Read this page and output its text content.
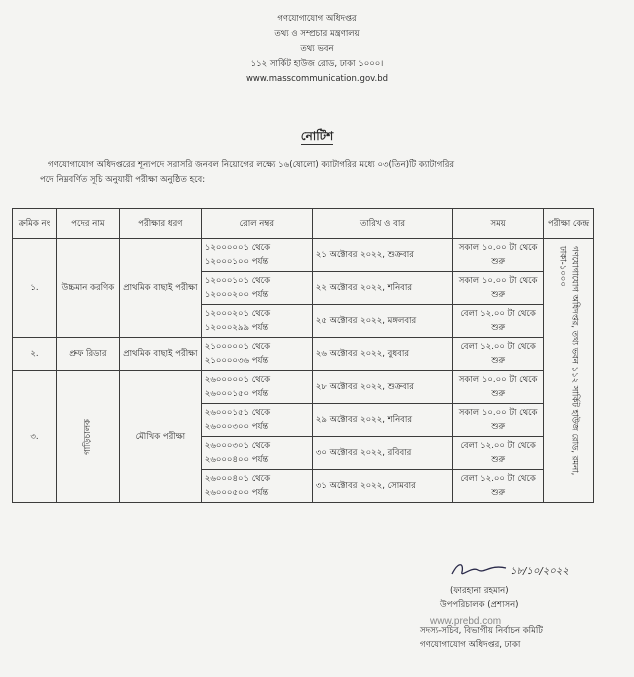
গণযোগাযোগ অধিদপ্তর
তথ্য ও সম্প্রচার মন্ত্রণালয়
তথ্য ভবন
১১২ সার্কিট হাউজ রোড, ঢাকা ১০০০।
www.masscommunication.gov.bd
নোটিশ

গণযোগাযোগ অধিদপ্তরের শূন্যপদে সরাসরি জনবল নিয়োগের লক্ষ্যে ১৬(ষোলো) ক্যাটাগরির মধ্যে ০৩(তিন)টি ক্যাটাগরির

পদে নিম্নবর্ণিত সূচি অনুযায়ী পরীক্ষা অনুষ্ঠিত হবে:

ক্রমিক নং	পদের নাম	পরীক্ষার ধরণ	রোল নম্বর	তারিখ ও বার	সময়	পরীক্ষা কেন্দ্র
১.	উচ্চমান করণিক	প্রাথমিক বাছাই পরীক্ষা	১২০০০০০১ থেকে ১২০০০১০০ পর্যন্ত	২১ অক্টোবর ২০২২, শুক্রবার	সকাল ১০.০০ টা থেকে শুরু	গণযোগাযোগ অধিদপ্তর, তথ্য ভবন ১১২ সার্কিট হাউজ রোড, রমনা, ঢাকা-১০০০

			১২০০০১০১ থেকে ১২০০০২০০ পর্যন্ত	২২ অক্টোবর ২০২২, শনিবার	সকাল ১০.০০ টা থেকে শুরু	
			১২০০০২০১ থেকে ১২০০০২৯৯ পর্যন্ত	২৫ অক্টোবর ২০২২, মঙ্গলবার	বেলা ১২.০০ টা থেকে শুরু	
২.	প্রুফ রিডার	প্রাথমিক বাছাই পরীক্ষা	২১০০০০০১ থেকে ২১০০০০৩৬ পর্যন্ত	২৬ অক্টোবর ২০২২, বুধবার	বেলা ১২.০০ টা থেকে শুরু	
৩.	গাড়িচালক	মৌখিক পরীক্ষা	২৬০০০০০১ থেকে ২৬০০০১৫০ পর্যন্ত	২৮ অক্টোবর ২০২২, শুক্রবার	সকাল ১০.০০ টা থেকে শুরু	
			২৬০০০১৫১ থেকে ২৬০০০৩০০ পর্যন্ত	২৯ অক্টোবর ২০২২, শনিবার	সকাল ১০.০০ টা থেকে শুরু	
			২৬০০০৩০১ থেকে ২৬০০০৪০০ পর্যন্ত	৩০ অক্টোবর ২০২২, রবিবার	বেলা ১২.০০ টা থেকে শুরু	
			২৬০০০৪০১ থেকে ২৬০০০৫০০ পর্যন্ত	৩১ অক্টোবর ২০২২, সোমবার	বেলা ১২.০০ টা থেকে শুরু	
১৮/১০/২০২২
(ফারহানা রহমান)
উপপরিচালক (প্রশাসন)
সদস্য-সচিব, বিভাগীয় নির্বাচন কমিটি
গণযোগাযোগ অধিদপ্তর, ঢাকা
www.prebd.com
